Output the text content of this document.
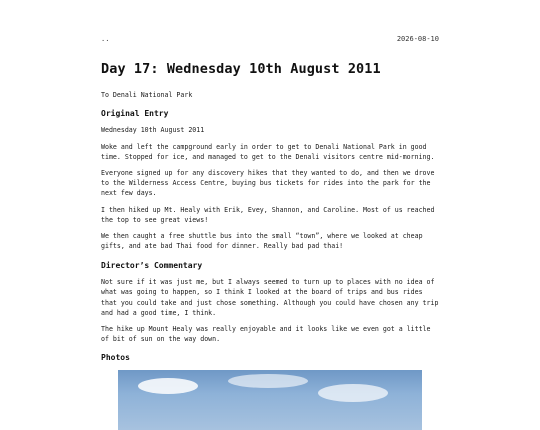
..	2026-08-10
Day 17: Wednesday 10th August 2011

To Denali National Park

Original Entry

Wednesday 10th August 2011

Woke and left the campground early in order to get to Denali National Park in good time. Stopped for ice, and managed to get to the Denali visitors centre mid-morning.

Everyone signed up for any discovery hikes that they wanted to do, and then we drove to the Wilderness Access Centre, buying bus tickets for rides into the park for the next few days.

I then hiked up Mt. Healy with Erik, Evey, Shannon, and Caroline. Most of us reached the top to see great views!

We then caught a free shuttle bus into the small “town”, where we looked at cheap gifts, and ate bad Thai food for dinner. Really bad pad thai!

Director’s Commentary

Not sure if it was just me, but I always seemed to turn up to places with no idea of what was going to happen, so I think I looked at the board of trips and bus rides that you could take and just chose something. Although you could have chosen any trip and had a good time, I think.

The hike up Mount Healy was really enjoyable and it looks like we even got a little of bit of sun on the way down.

Photos
